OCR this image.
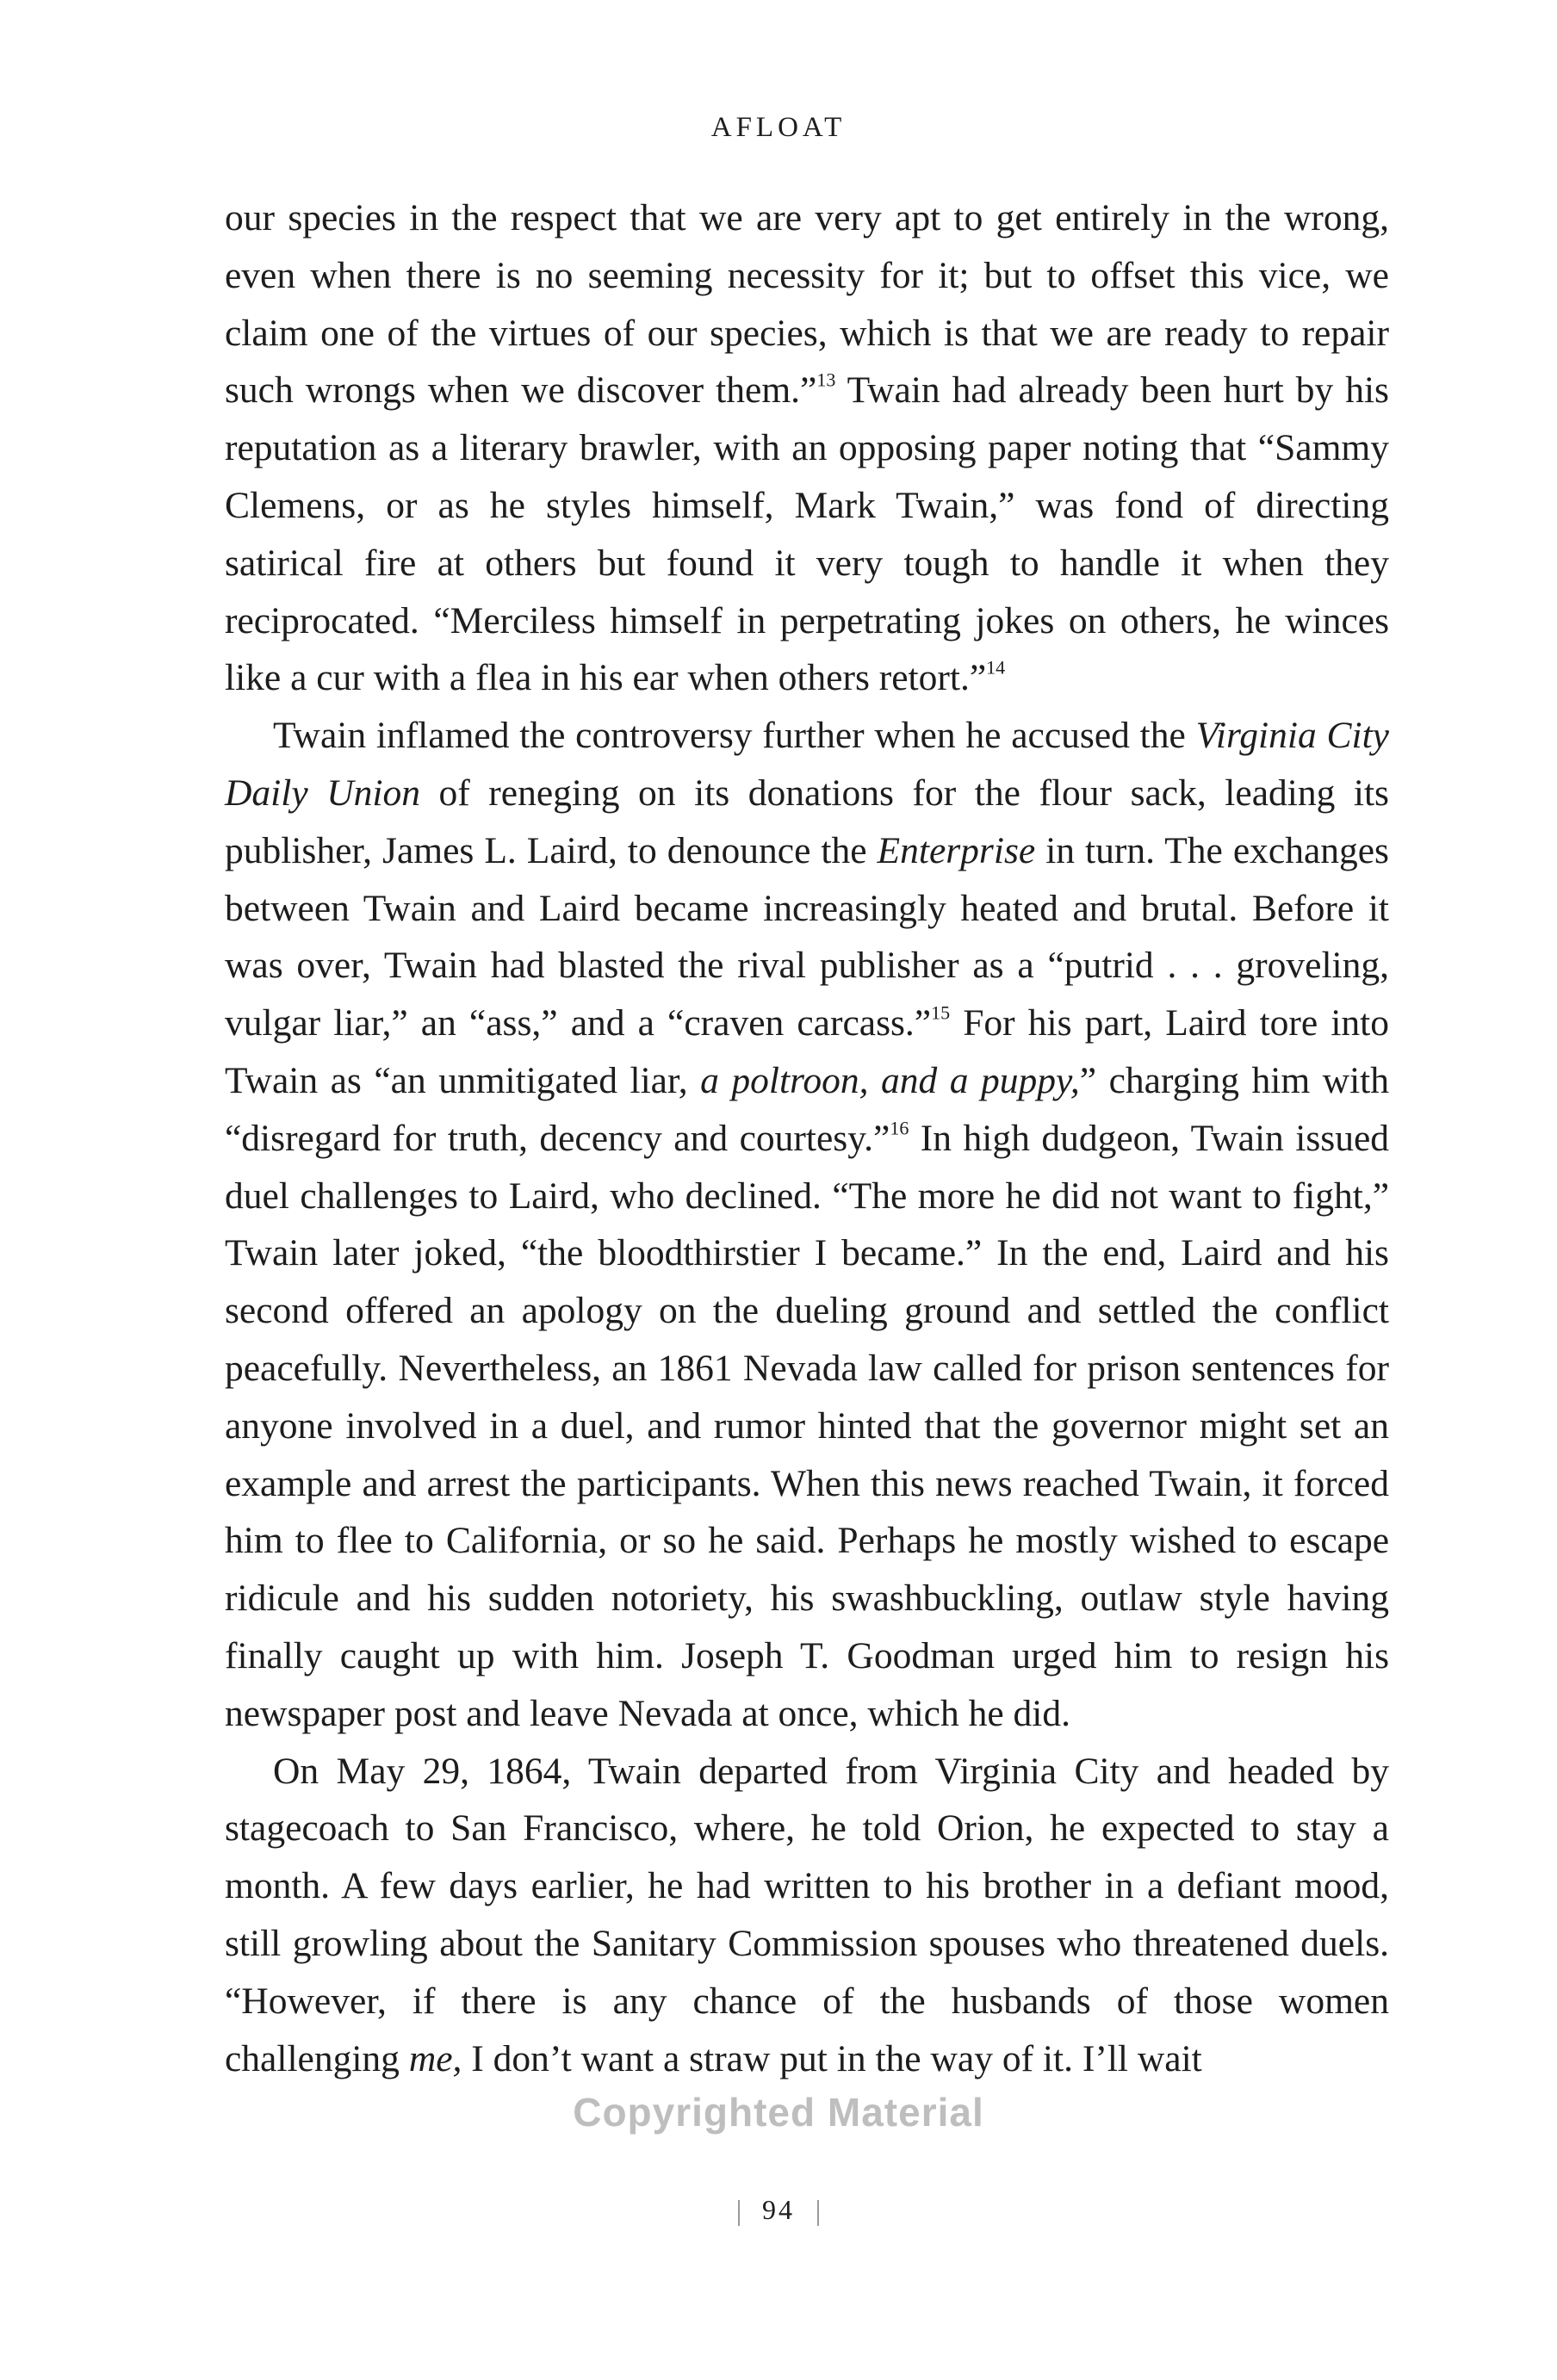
AFLOAT

our species in the respect that we are very apt to get entirely in the wrong, even when there is no seeming necessity for it; but to offset this vice, we claim one of the virtues of our species, which is that we are ready to repair such wrongs when we discover them.”$^{13}$ Twain had already been hurt by his reputation as a literary brawler, with an opposing paper noting that “Sammy Clemens, or as he styles himself, Mark Twain,” was fond of directing satirical fire at others but found it very tough to handle it when they reciprocated. “Merciless himself in perpetrating jokes on others, he winces like a cur with a flea in his ear when others retort.”$^{14}$

Twain inflamed the controversy further when he accused the Virginia City Daily Union of reneging on its donations for the flour sack, leading its publisher, James L. Laird, to denounce the Enterprise in turn. The exchanges between Twain and Laird became increasingly heated and brutal. Before it was over, Twain had blasted the rival publisher as a “putrid . . . groveling, vulgar liar,” an “ass,” and a “craven carcass.”$^{15}$ For his part, Laird tore into Twain as “an unmitigated liar, a poltroon, and a puppy,” charging him with “disregard for truth, decency and courtesy.”$^{16}$ In high dudgeon, Twain issued duel challenges to Laird, who declined. “The more he did not want to fight,” Twain later joked, “the bloodthirstier I became.” In the end, Laird and his second offered an apology on the dueling ground and settled the conflict peacefully. Nevertheless, an 1861 Nevada law called for prison sentences for anyone involved in a duel, and rumor hinted that the governor might set an example and arrest the participants. When this news reached Twain, it forced him to flee to California, or so he said. Perhaps he mostly wished to escape ridicule and his sudden notoriety, his swashbuckling, outlaw style having finally caught up with him. Joseph T. Goodman urged him to resign his newspaper post and leave Nevada at once, which he did.

On May 29, 1864, Twain departed from Virginia City and headed by stagecoach to San Francisco, where, he told Orion, he expected to stay a month. A few days earlier, he had written to his brother in a defiant mood, still growling about the Sanitary Commission spouses who threatened duels. “However, if there is any chance of the husbands of those women challenging me, I don’t want a straw put in the way of it. I’ll wait

Copyrighted Material
94
